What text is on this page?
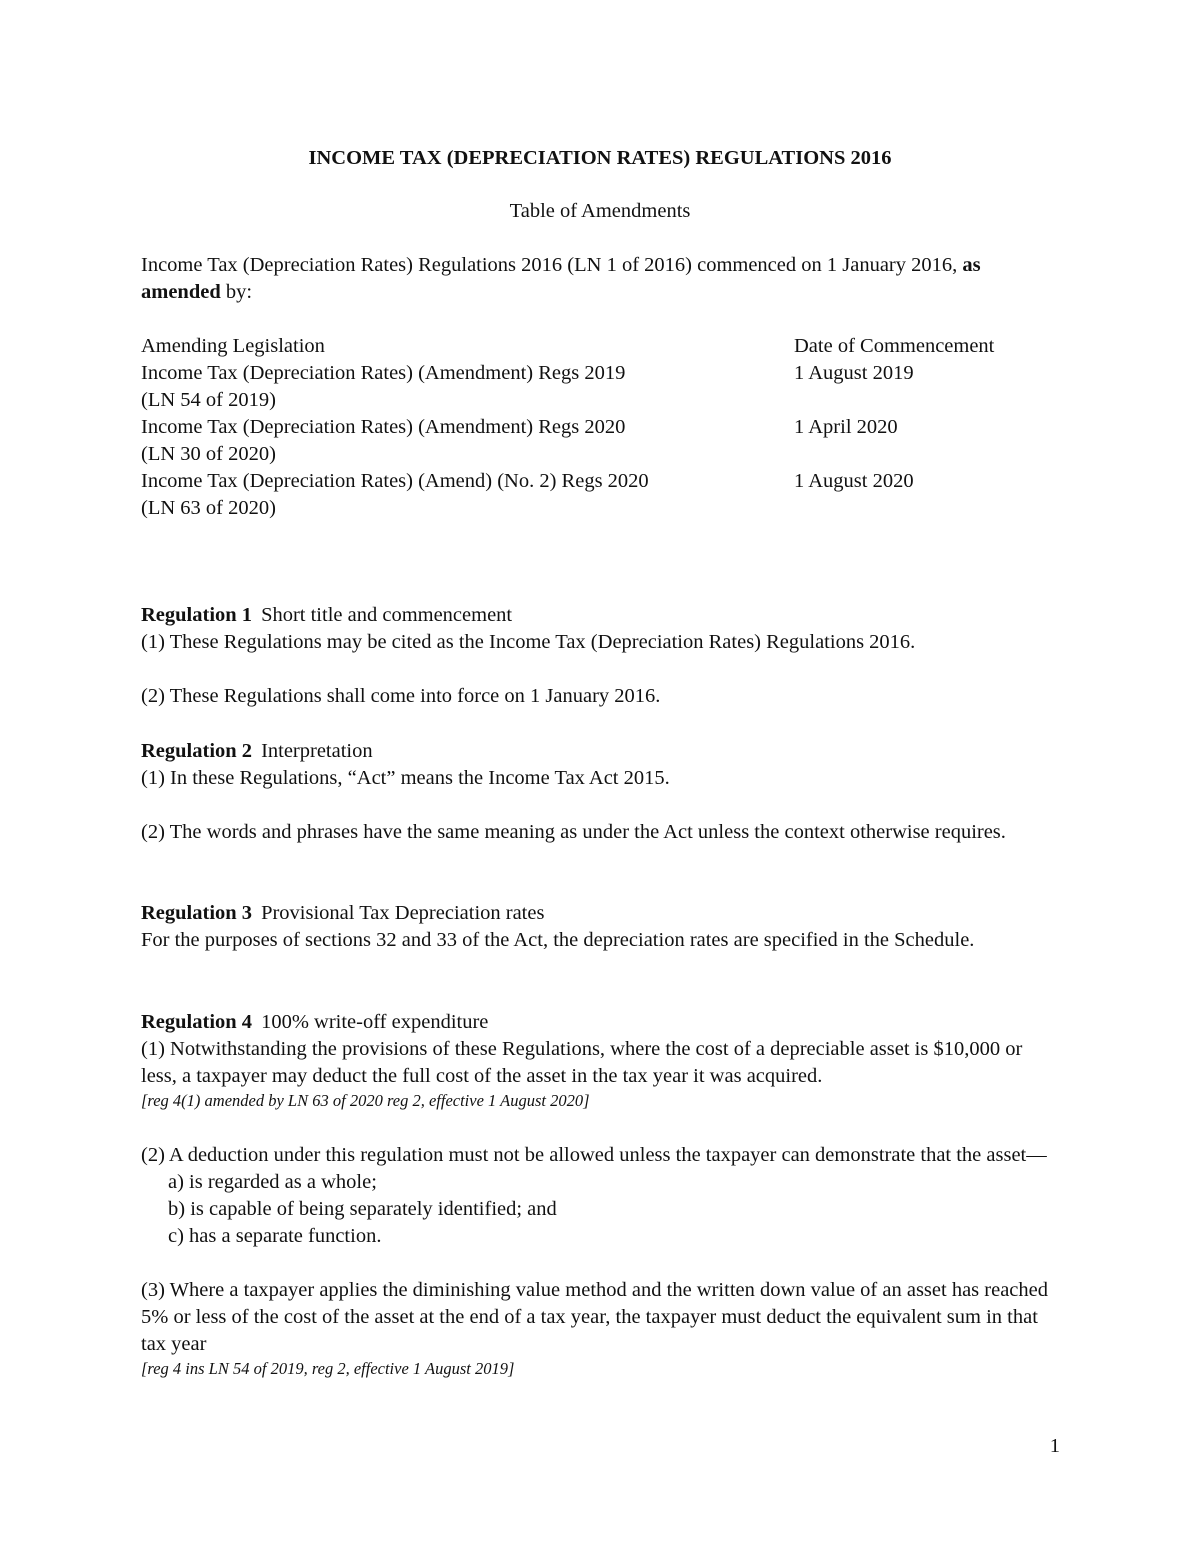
INCOME TAX (DEPRECIATION RATES) REGULATIONS 2016
Table of Amendments
Income Tax (Depreciation Rates) Regulations 2016 (LN 1 of 2016) commenced on 1 January 2016, as amended by:
Amending Legislation	Date of Commencement
Income Tax (Depreciation Rates) (Amendment) Regs 2019
(LN 54 of 2019)
1 August 2019
Income Tax (Depreciation Rates) (Amendment) Regs 2020
(LN 30 of 2020)
1 April 2020
Income Tax (Depreciation Rates) (Amend) (No. 2) Regs 2020
(LN 63 of 2020)
1 August 2020
Regulation 1 Short title and commencement

(1) These Regulations may be cited as the Income Tax (Depreciation Rates) Regulations 2016.

(2) These Regulations shall come into force on 1 January 2016.

Regulation 2 Interpretation

(1) In these Regulations, “Act” means the Income Tax Act 2015.

(2) The words and phrases have the same meaning as under the Act unless the context otherwise requires.

Regulation 3 Provisional Tax Depreciation rates

For the purposes of sections 32 and 33 of the Act, the depreciation rates are specified in the Schedule.

Regulation 4 100% write-off expenditure

(1) Notwithstanding the provisions of these Regulations, where the cost of a depreciable asset is $10,000 or less, a taxpayer may deduct the full cost of the asset in the tax year it was acquired.

[reg 4(1) amended by LN 63 of 2020 reg 2, effective 1 August 2020]

(2) A deduction under this regulation must not be allowed unless the taxpayer can demonstrate that the asset—

a) is regarded as a whole;
b) is capable of being separately identified; and
c) has a separate function.

(3) Where a taxpayer applies the diminishing value method and the written down value of an asset has reached 5% or less of the cost of the asset at the end of a tax year, the taxpayer must deduct the equivalent sum in that tax year

[reg 4 ins LN 54 of 2019, reg 2, effective 1 August 2019]

1
